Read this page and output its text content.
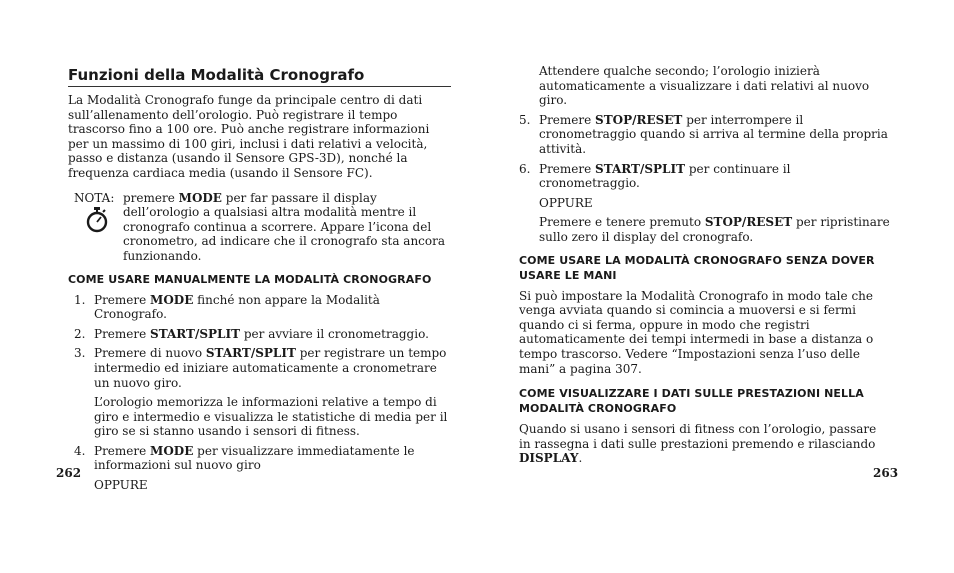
Funzioni della Modalità Cronografo

La Modalità Cronografo funge da principale centro di dati sull’allenamento dell’orologio. Può registrare il tempo trascorso fino a 100 ore. Può anche registrare informazioni per un massimo di 100 giri, inclusi i dati relativi a velocità, passo e distanza (usando il Sensore GPS-3D), nonché la frequenza cardiaca media (usando il Sensore FC).

NOTA: premere MODE per far passare il display dell’orologio a qualsiasi altra modalità mentre il cronografo continua a scorrere. Appare l’icona del cronometro, ad indicare che il cronografo sta ancora funzionando.
COME USARE MANUALMENTE LA MODALITÀ CRONOGRAFO
1. Premere MODE finché non appare la Modalità Cronografo.
2. Premere START/SPLIT per avviare il cronometraggio.
3. Premere di nuovo START/SPLIT per registrare un tempo intermedio ed iniziare automaticamente a cronometrare un nuovo giro.

L’orologio memorizza le informazioni relative a tempo di giro e intermedio e visualizza le statistiche di media per il giro se si stanno usando i sensori di fitness.

4. Premere MODE per visualizzare immediatamente le informazioni sul nuovo giro

OPPURE

262

Attendere qualche secondo; l’orologio inizierà automaticamente a visualizzare i dati relativi al nuovo giro.

5. Premere STOP/RESET per interrompere il cronometraggio quando si arriva al termine della propria attività.
6. Premere START/SPLIT per continuare il cronometraggio.

OPPURE

Premere e tenere premuto STOP/RESET per ripristinare sullo zero il display del cronografo.

COME USARE LA MODALITÀ CRONOGRAFO SENZA DOVER USARE LE MANI

Si può impostare la Modalità Cronografo in modo tale che venga avviata quando si comincia a muoversi e si fermi quando ci si ferma, oppure in modo che registri automaticamente dei tempi intermedi in base a distanza o tempo trascorso. Vedere “Impostazioni senza l’uso delle mani” a pagina 307.

COME VISUALIZZARE I DATI SULLE PRESTAZIONI NELLA MODALITÀ CRONOGRAFO

Quando si usano i sensori di fitness con l’orologio, passare in rassegna i dati sulle prestazioni premendo e rilasciando DISPLAY.

263
